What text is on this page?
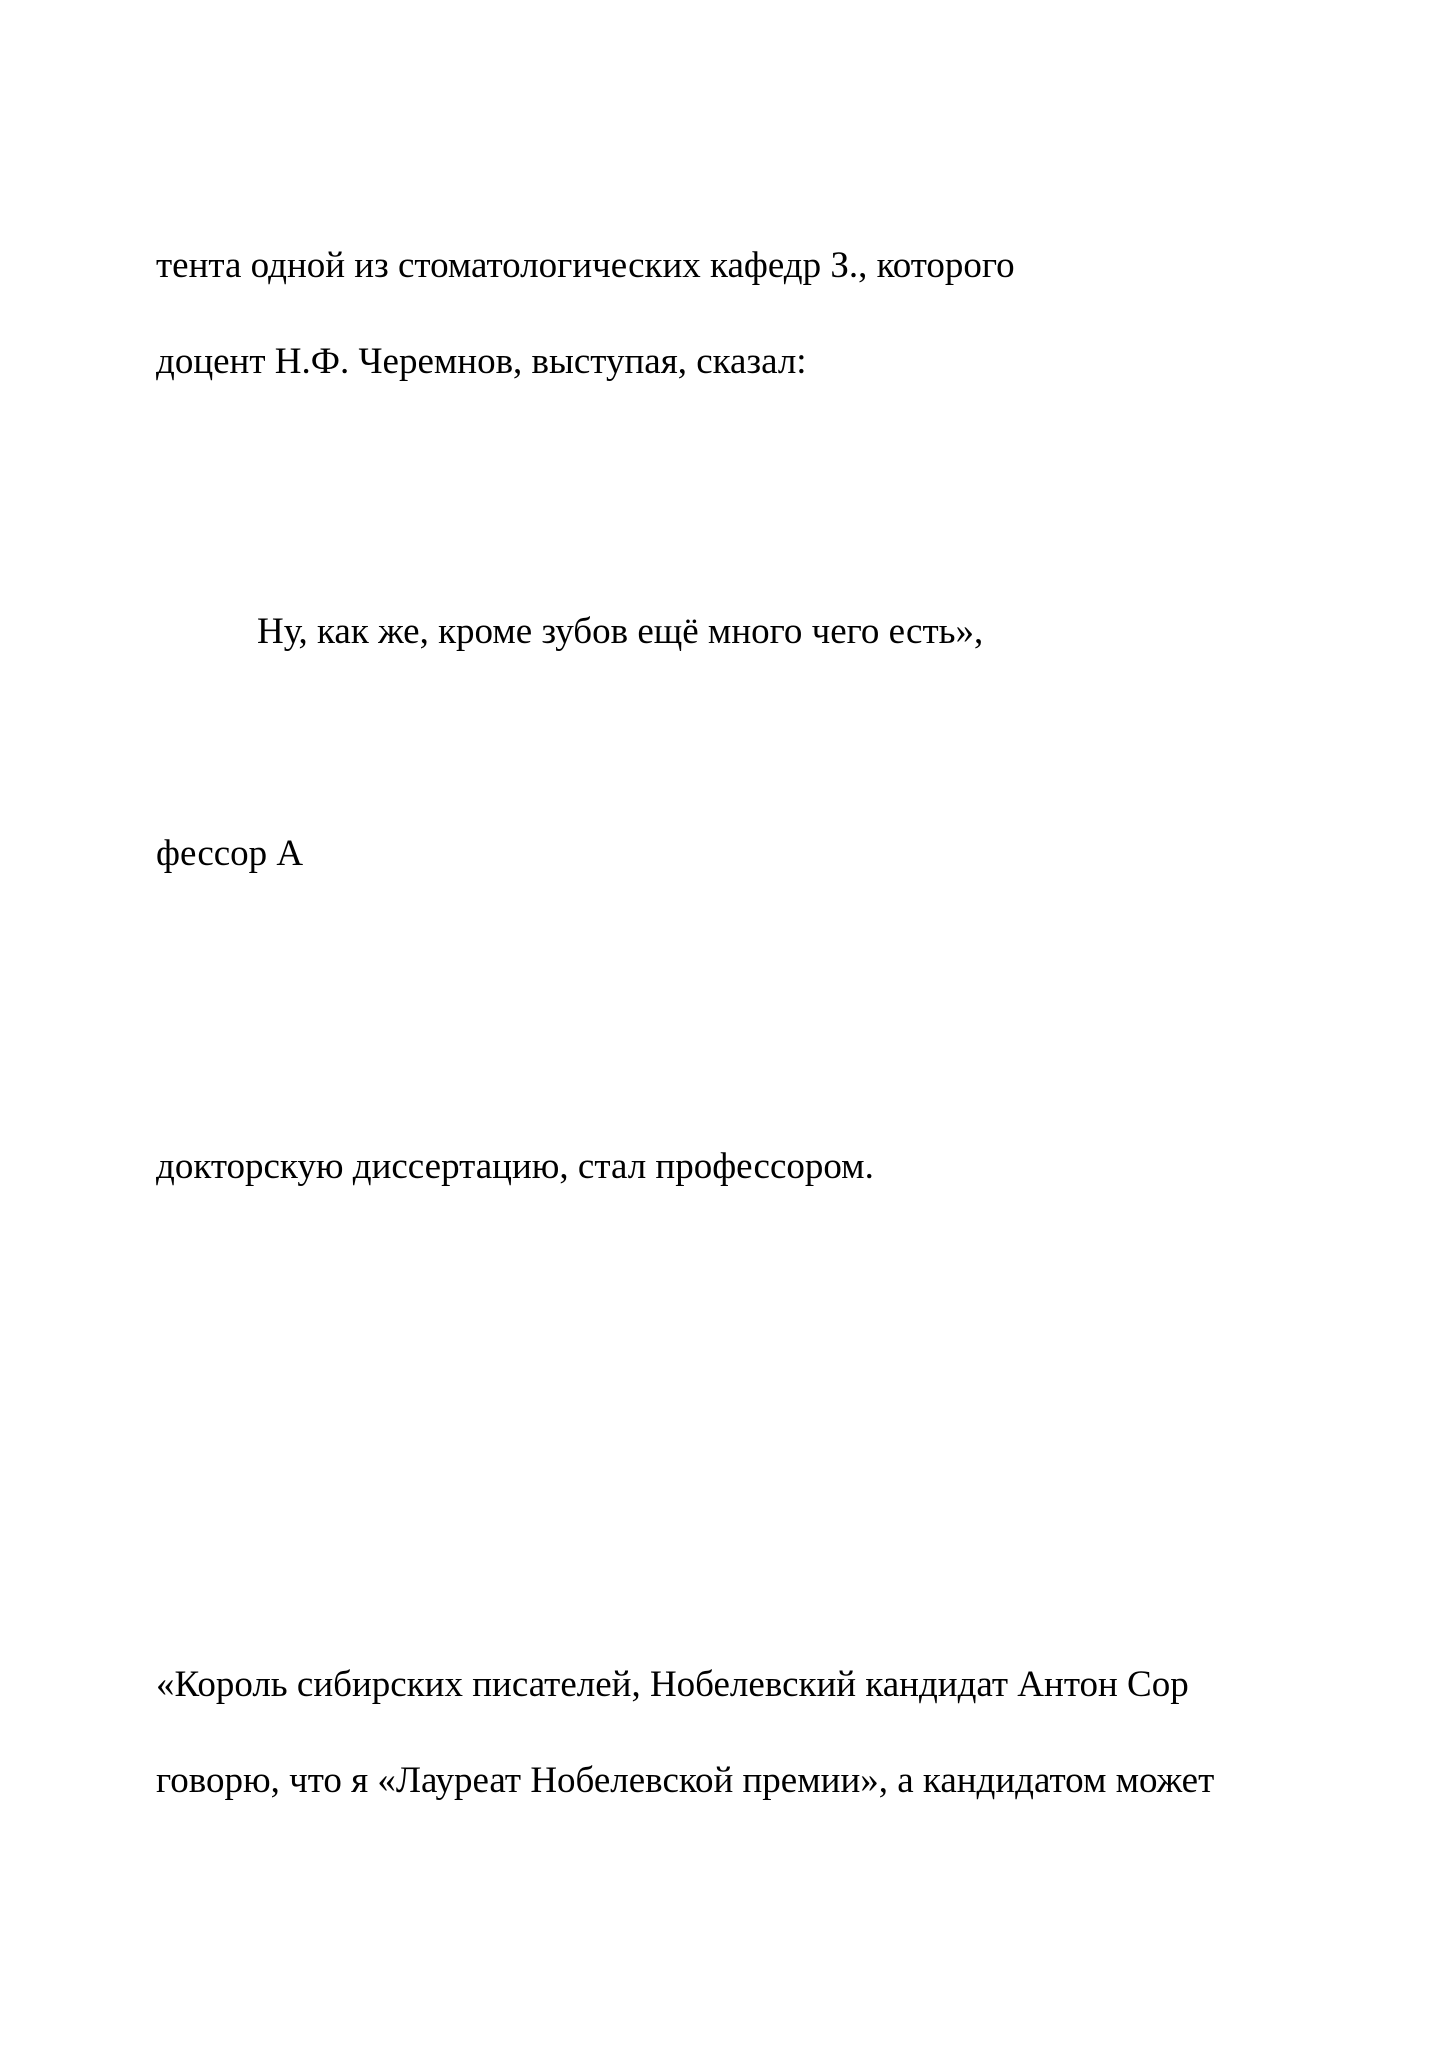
тента одной из стоматологических кафедр З., которого

доцент Н.Ф. Черемнов, выступая, сказал:

Ну, как же, кроме зубов ещё много чего есть»,

фессор А

докторскую диссертацию, стал профессором.

«Король сибирских писателей, Нобелевский кандидат Антон Сор

говорю, что я «Лауреат Нобелевской премии», а кандидатом может
